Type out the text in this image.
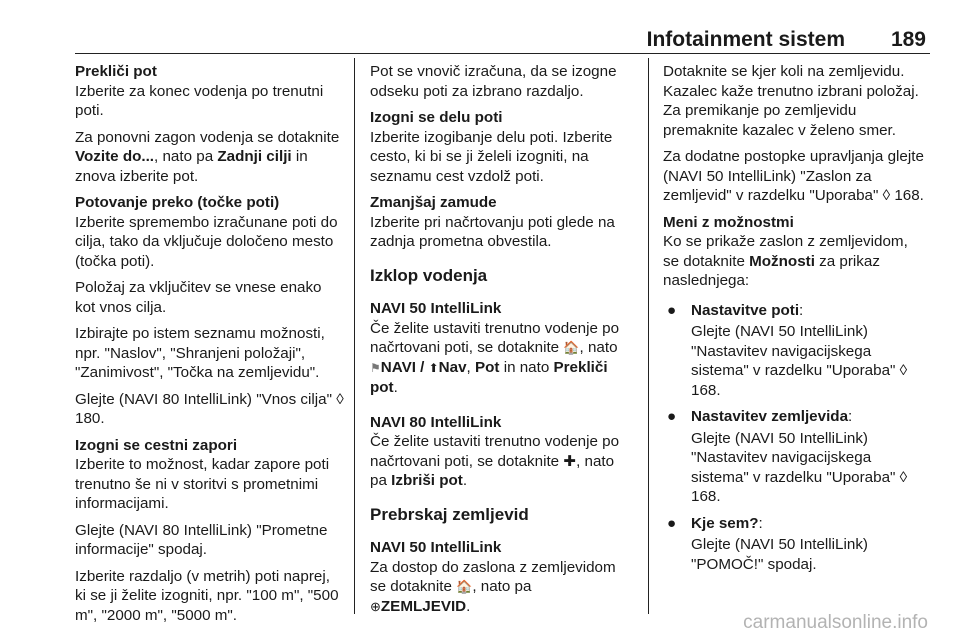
Infotainment sistem 189

Prekliči pot

Izberite za konec vodenja po trenutni poti.

Za ponovni zagon vodenja se dotaknite Vozite do..., nato pa Zadnji cilji in znova izberite pot.

Potovanje preko (točke poti)

Izberite spremembo izračunane poti do cilja, tako da vključuje določeno mesto (točka poti).

Položaj za vključitev se vnese enako kot vnos cilja.

Izbirajte po istem seznamu možnosti, npr. "Naslov", "Shranjeni položaji", "Zanimivost", "Točka na zemljevidu".

Glejte (NAVI 80 IntelliLink) "Vnos cilja" ◊ 180.

Izogni se cestni zapori

Izberite to možnost, kadar zapore poti trenutno še ni v storitvi s prometnimi informacijami.

Glejte (NAVI 80 IntelliLink) "Prometne informacije" spodaj.

Izberite razdaljo (v metrih) poti naprej, ki se ji želite izogniti, npr. "100 m", "500 m", "2000 m", "5000 m".

Pot se vnovič izračuna, da se izogne odseku poti za izbrano razdaljo.

Izogni se delu poti

Izberite izogibanje delu poti. Izberite cesto, ki bi se ji želeli izogniti, na seznamu cest vzdolž poti.

Zmanjšaj zamude

Izberite pri načrtovanju poti glede na zadnja prometna obvestila.

Izklop vodenja

NAVI 50 IntelliLink

Če želite ustaviti trenutno vodenje po načrtovani poti, se dotaknite 🏠, nato ⚑NAVI / ⬆Nav, Pot in nato Prekliči pot.

NAVI 80 IntelliLink

Če želite ustaviti trenutno vodenje po načrtovani poti, se dotaknite ✚, nato pa Izbriši pot.

Prebrskaj zemljevid

NAVI 50 IntelliLink

Za dostop do zaslona z zemljevidom se dotaknite 🏠, nato pa
⊕ZEMLJEVID.

Dotaknite se kjer koli na zemljevidu. Kazalec kaže trenutno izbrani položaj. Za premikanje po zemljevidu premaknite kazalec v želeno smer.

Za dodatne postopke upravljanja glejte (NAVI 50 IntelliLink) "Zaslon za zemljevid" v razdelku "Uporaba" ◊ 168.

Meni z možnostmi

Ko se prikaže zaslon z zemljevidom, se dotaknite Možnosti za prikaz naslednjega:

● Nastavitve poti:

Glejte (NAVI 50 IntelliLink) "Nastavitev navigacijskega sistema" v razdelku "Uporaba" ◊ 168.

● Nastavitev zemljevida:

Glejte (NAVI 50 IntelliLink) "Nastavitev navigacijskega sistema" v razdelku "Uporaba" ◊ 168.

● Kje sem?:

Glejte (NAVI 50 IntelliLink) "POMOČ!" spodaj.

carmanualsonline.info
